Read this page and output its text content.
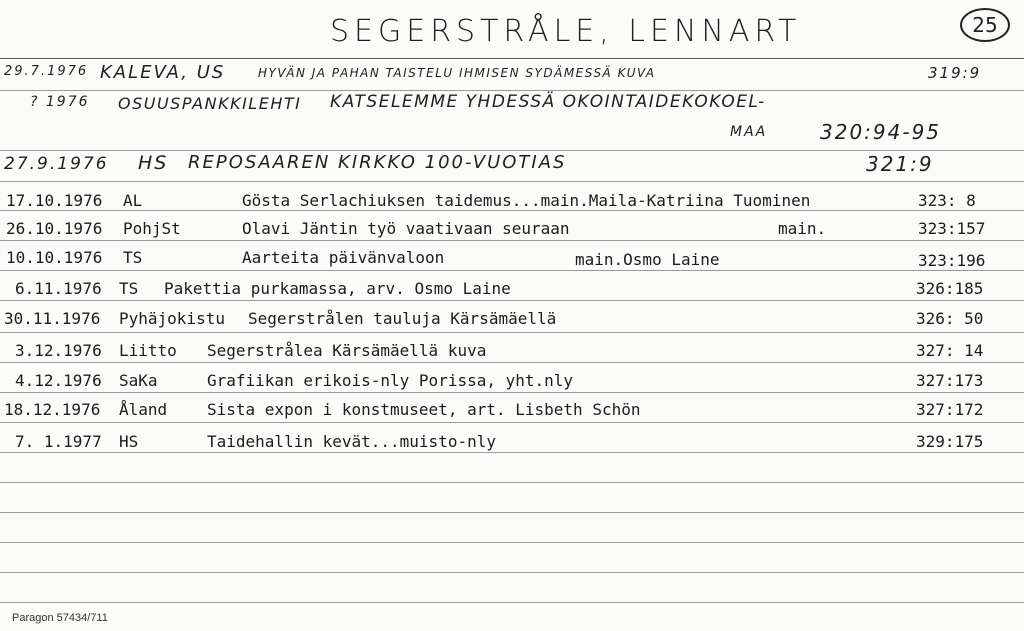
SEGERSTRÅLE, LENNART	25
29.7.1976 KALEVA, US	HYVÄN JA PAHAN TAISTELU IHMISEN SYDÄMESSÄ KUVA	319:9
? 1976 OSUUSPANKKILEHTI KATSELEMME YHDESSÄ OKOINTAIDEKOKOEL-
MAA	320:94-95
27.9.1976 HS REPOSAAREN KIRKKO 100-VUOTIAS	321:9
17.10.1976 AL	Gösta Serlachiuksen taidemus...main.Maila-Katriina Tuominen	323: 8
26.10.1976 PohjSt	Olavi Jäntin työ vaativaan seuraan	main.	323:157
10.10.1976 TS	Aarteita päivänvaloon	main.Osmo Laine	323:196
6.11.1976 TS Pakettia purkamassa, arv. Osmo Laine	326:185
30.11.1976 Pyhäjokistu Segerstrålen tauluja Kärsämäellä	326: 50
3.12.1976 Liitto Segerstrålea Kärsämäellä kuva	327: 14
4.12.1976 SaKa	Grafiikan erikois-nly Porissa, yht.nly	327:173
18.12.1976 Åland Sista expon i konstmuseet, art. Lisbeth Schön	327:172
7. 1.1977 HS	Taidehallin kevät...muisto-nly	329:175
Paragon 57434/711
